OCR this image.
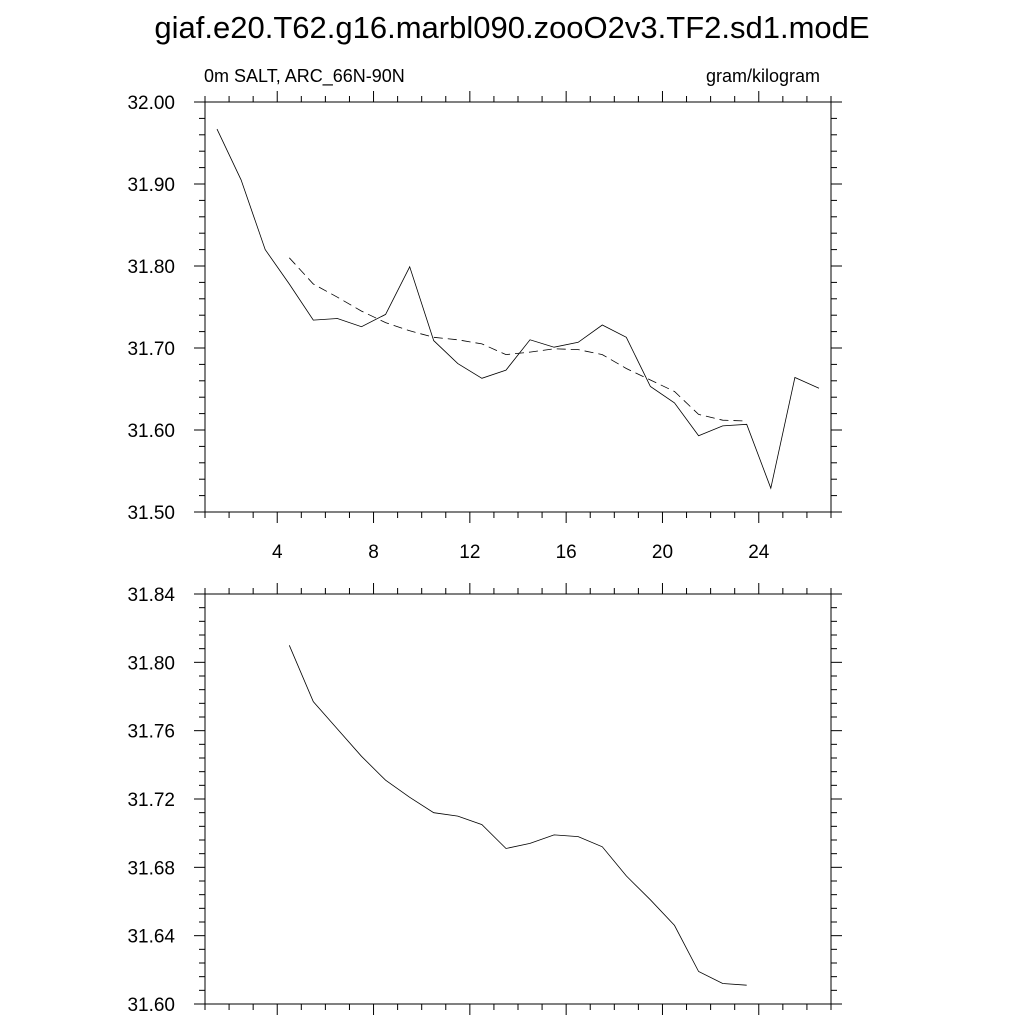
giaf.e20.T62.g16.marbl090.zooO2v3.TF2.sd1.modE
0m SALT, ARC_66N-90N	gram/kilogram
4	8	12	16	20	24
31.50
31.60
31.70
31.80
31.90
32.00
31.60
31.64
31.68
31.72
31.76
31.80
31.84
